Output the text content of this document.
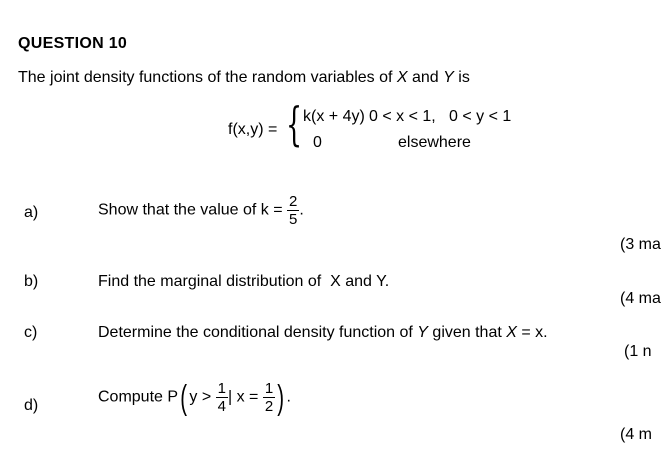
QUESTION 10
The joint density functions of the random variables of X and Y is
f(x,y) = { k(x + 4y) 0 < x < 1,   0 < y < 1
0	elsewhere
a)	Show that the value of $k = \frac{2}{5}$ .
(3 ma
b)	Find the marginal distribution of  X and Y.
(4 ma
c)	Determine the conditional density function of Y given that X = x.
(1 n
d)	Compute P( $y > \frac{1}{4}$ | $x = \frac{1}{2}$ ) .
(4 m
